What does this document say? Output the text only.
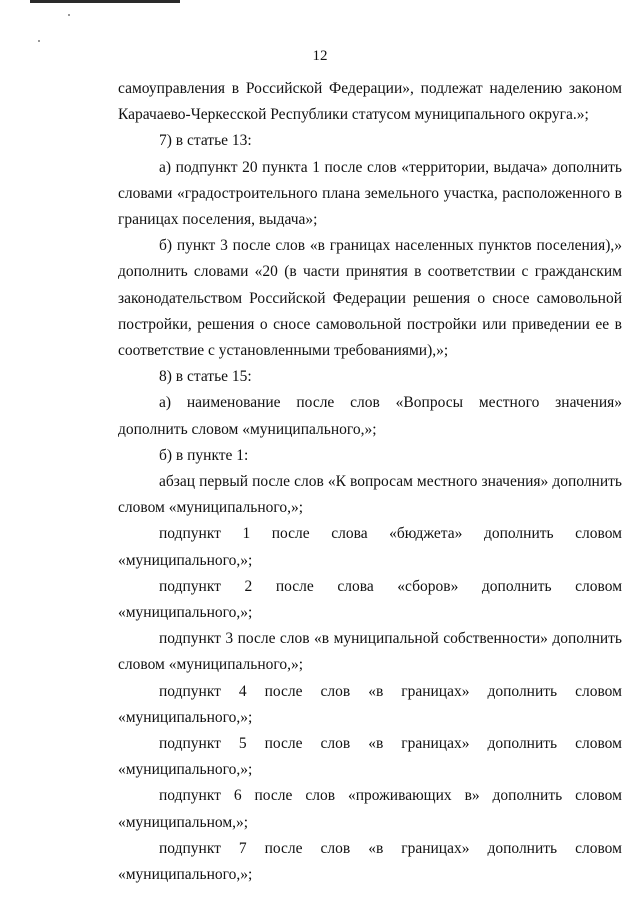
12

самоуправления в Российской Федерации», подлежат наделению законом Карачаево-Черкесской Республики статусом муниципального округа.»;

7) в статье 13:

а) подпункт 20 пункта 1 после слов «территории, выдача» дополнить словами «градостроительного плана земельного участка, расположенного в границах поселения, выдача»;

б) пункт 3 после слов «в границах населенных пунктов поселения),» дополнить словами «20 (в части принятия в соответствии с гражданским законодательством Российской Федерации решения о сносе самовольной постройки, решения о сносе самовольной постройки или приведении ее в соответствие с установленными требованиями),»;

8) в статье 15:

а) наименование после слов «Вопросы местного значения» дополнить словом «муниципального,»;

б) в пункте 1:

абзац первый после слов «К вопросам местного значения» дополнить словом «муниципального,»;

подпункт 1 после слова «бюджета» дополнить словом
«муниципального,»;

подпункт 2 после слова «сборов» дополнить словом «муниципального,»;

подпункт 3 после слов «в муниципальной собственности» дополнить словом «муниципального,»;

подпункт 4 после слов «в границах» дополнить словом
«муниципального,»;
подпункт 5 после слов «в границах» дополнить словом
«муниципального,»;
подпункт 6 после слов «проживающих в» дополнить словом
«муниципальном,»;
подпункт 7 после слов «в границах» дополнить словом
«муниципального,»;
